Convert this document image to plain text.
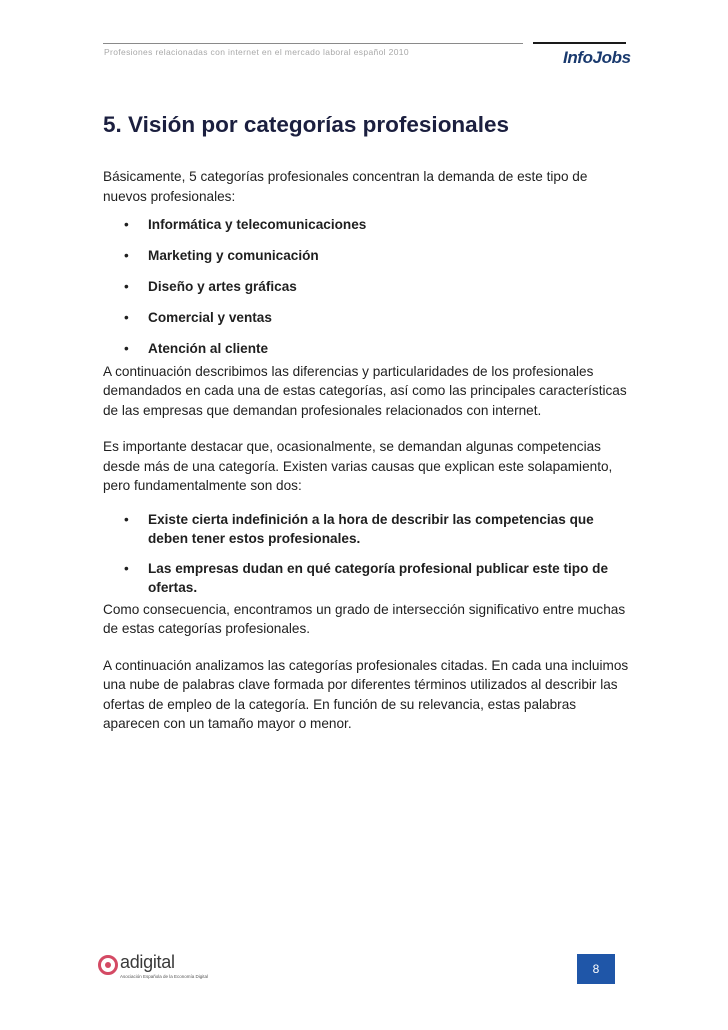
Profesiones relacionadas con internet en el mercado laboral español 2010	InfoJobs
5. Visión por categorías profesionales

Básicamente, 5 categorías profesionales concentran la demanda de este tipo de nuevos profesionales:

• Informática y telecomunicaciones
• Marketing y comunicación
• Diseño y artes gráficas
• Comercial y ventas
• Atención al cliente

A continuación describimos las diferencias y particularidades de los profesionales demandados en cada una de estas categorías, así como las principales características de las empresas que demandan profesionales relacionados con internet.

Es importante destacar que, ocasionalmente, se demandan algunas competencias desde más de una categoría. Existen varias causas que explican este solapamiento, pero fundamentalmente son dos:

• Existe cierta indefinición a la hora de describir las competencias que deben tener estos profesionales.
• Las empresas dudan en qué categoría profesional publicar este tipo de ofertas.

Como consecuencia, encontramos un grado de intersección significativo entre muchas de estas categorías profesionales.

A continuación analizamos las categorías profesionales citadas. En cada una incluimos una nube de palabras clave formada por diferentes términos utilizados al describir las ofertas de empleo de la categoría. En función de su relevancia, estas palabras aparecen con un tamaño mayor o menor.

adigital
Asociación Española de la Economía Digital
8
